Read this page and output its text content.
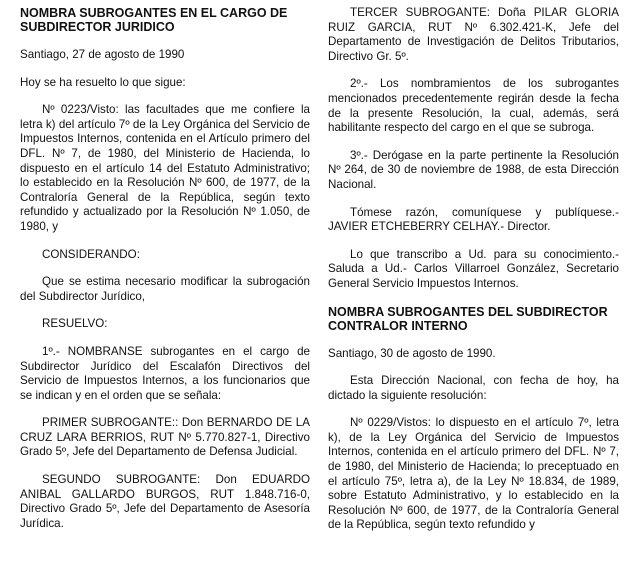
NOMBRA SUBROGANTES EN EL CARGO DE SUBDIRECTOR JURIDICO
Santiago, 27 de agosto de 1990
Hoy se ha resuelto lo que sigue:
Nº 0223/Visto: las facultades que me confiere la letra k) del artículo 7º de la Ley Orgánica del Servicio de Impuestos Internos, contenida en el Artículo primero del DFL. Nº 7, de 1980, del Ministerio de Hacienda, lo dispuesto en el artículo 14 del Estatuto Administrativo; lo establecido en la Resolución Nº 600, de 1977, de la Contraloría General de la República, según texto refundido y actualizado por la Resolución Nº 1.050, de 1980, y
CONSIDERANDO:
Que se estima necesario modificar la subrogación del Subdirector Jurídico,
RESUELVO:
1º.- NOMBRANSE subrogantes en el cargo de Subdirector Jurídico del Escalafón Directivos del Servicio de Impuestos Internos, a los funcionarios que se indican y en el orden que se señala:
PRIMER SUBROGANTE:: Don BERNARDO DE LA CRUZ LARA BERRIOS, RUT Nº 5.770.827-1, Directivo Grado 5º, Jefe del Departamento de Defensa Judicial.
SEGUNDO SUBROGANTE: Don EDUARDO ANIBAL GALLARDO BURGOS, RUT 1.848.716-0, Directivo Grado 5º, Jefe del Departamento de Asesoría Jurídica.
TERCER SUBROGANTE: Doña PILAR GLORIA RUIZ GARCIA, RUT Nº 6.302.421-K, Jefe del Departamento de Investigación de Delitos Tributarios, Directivo Gr. 5º.
2º.- Los nombramientos de los subrogantes mencionados precedentemente regirán desde la fecha de la presente Resolución, la cual, además, será habilitante respecto del cargo en el que se subroga.
3º.- Derógase en la parte pertinente la Resolución Nº 264, de 30 de noviembre de 1988, de esta Dirección Nacional.
Tómese razón, comuníquese y publíquese.- JAVIER ETCHEBERRY CELHAY.- Director.
Lo que transcribo a Ud. para su conocimiento.- Saluda a Ud.- Carlos Villarroel González, Secretario General Servicio Impuestos Internos.
NOMBRA SUBROGANTES DEL SUBDIRECTOR CONTRALOR INTERNO
Santiago, 30 de agosto de 1990.
Esta Dirección Nacional, con fecha de hoy, ha dictado la siguiente resolución:
Nº 0229/Vistos: lo dispuesto en el artículo 7º, letra k), de la Ley Orgánica del Servicio de Impuestos Internos, contenida en el artículo primero del DFL. Nº 7, de 1980, del Ministerio de Hacienda; lo preceptuado en el artículo 75º, letra a), de la Ley Nº 18.834, de 1989, sobre Estatuto Administrativo, y lo establecido en la Resolución Nº 600, de 1977, de la Contraloría General de la República, según texto refundido y
